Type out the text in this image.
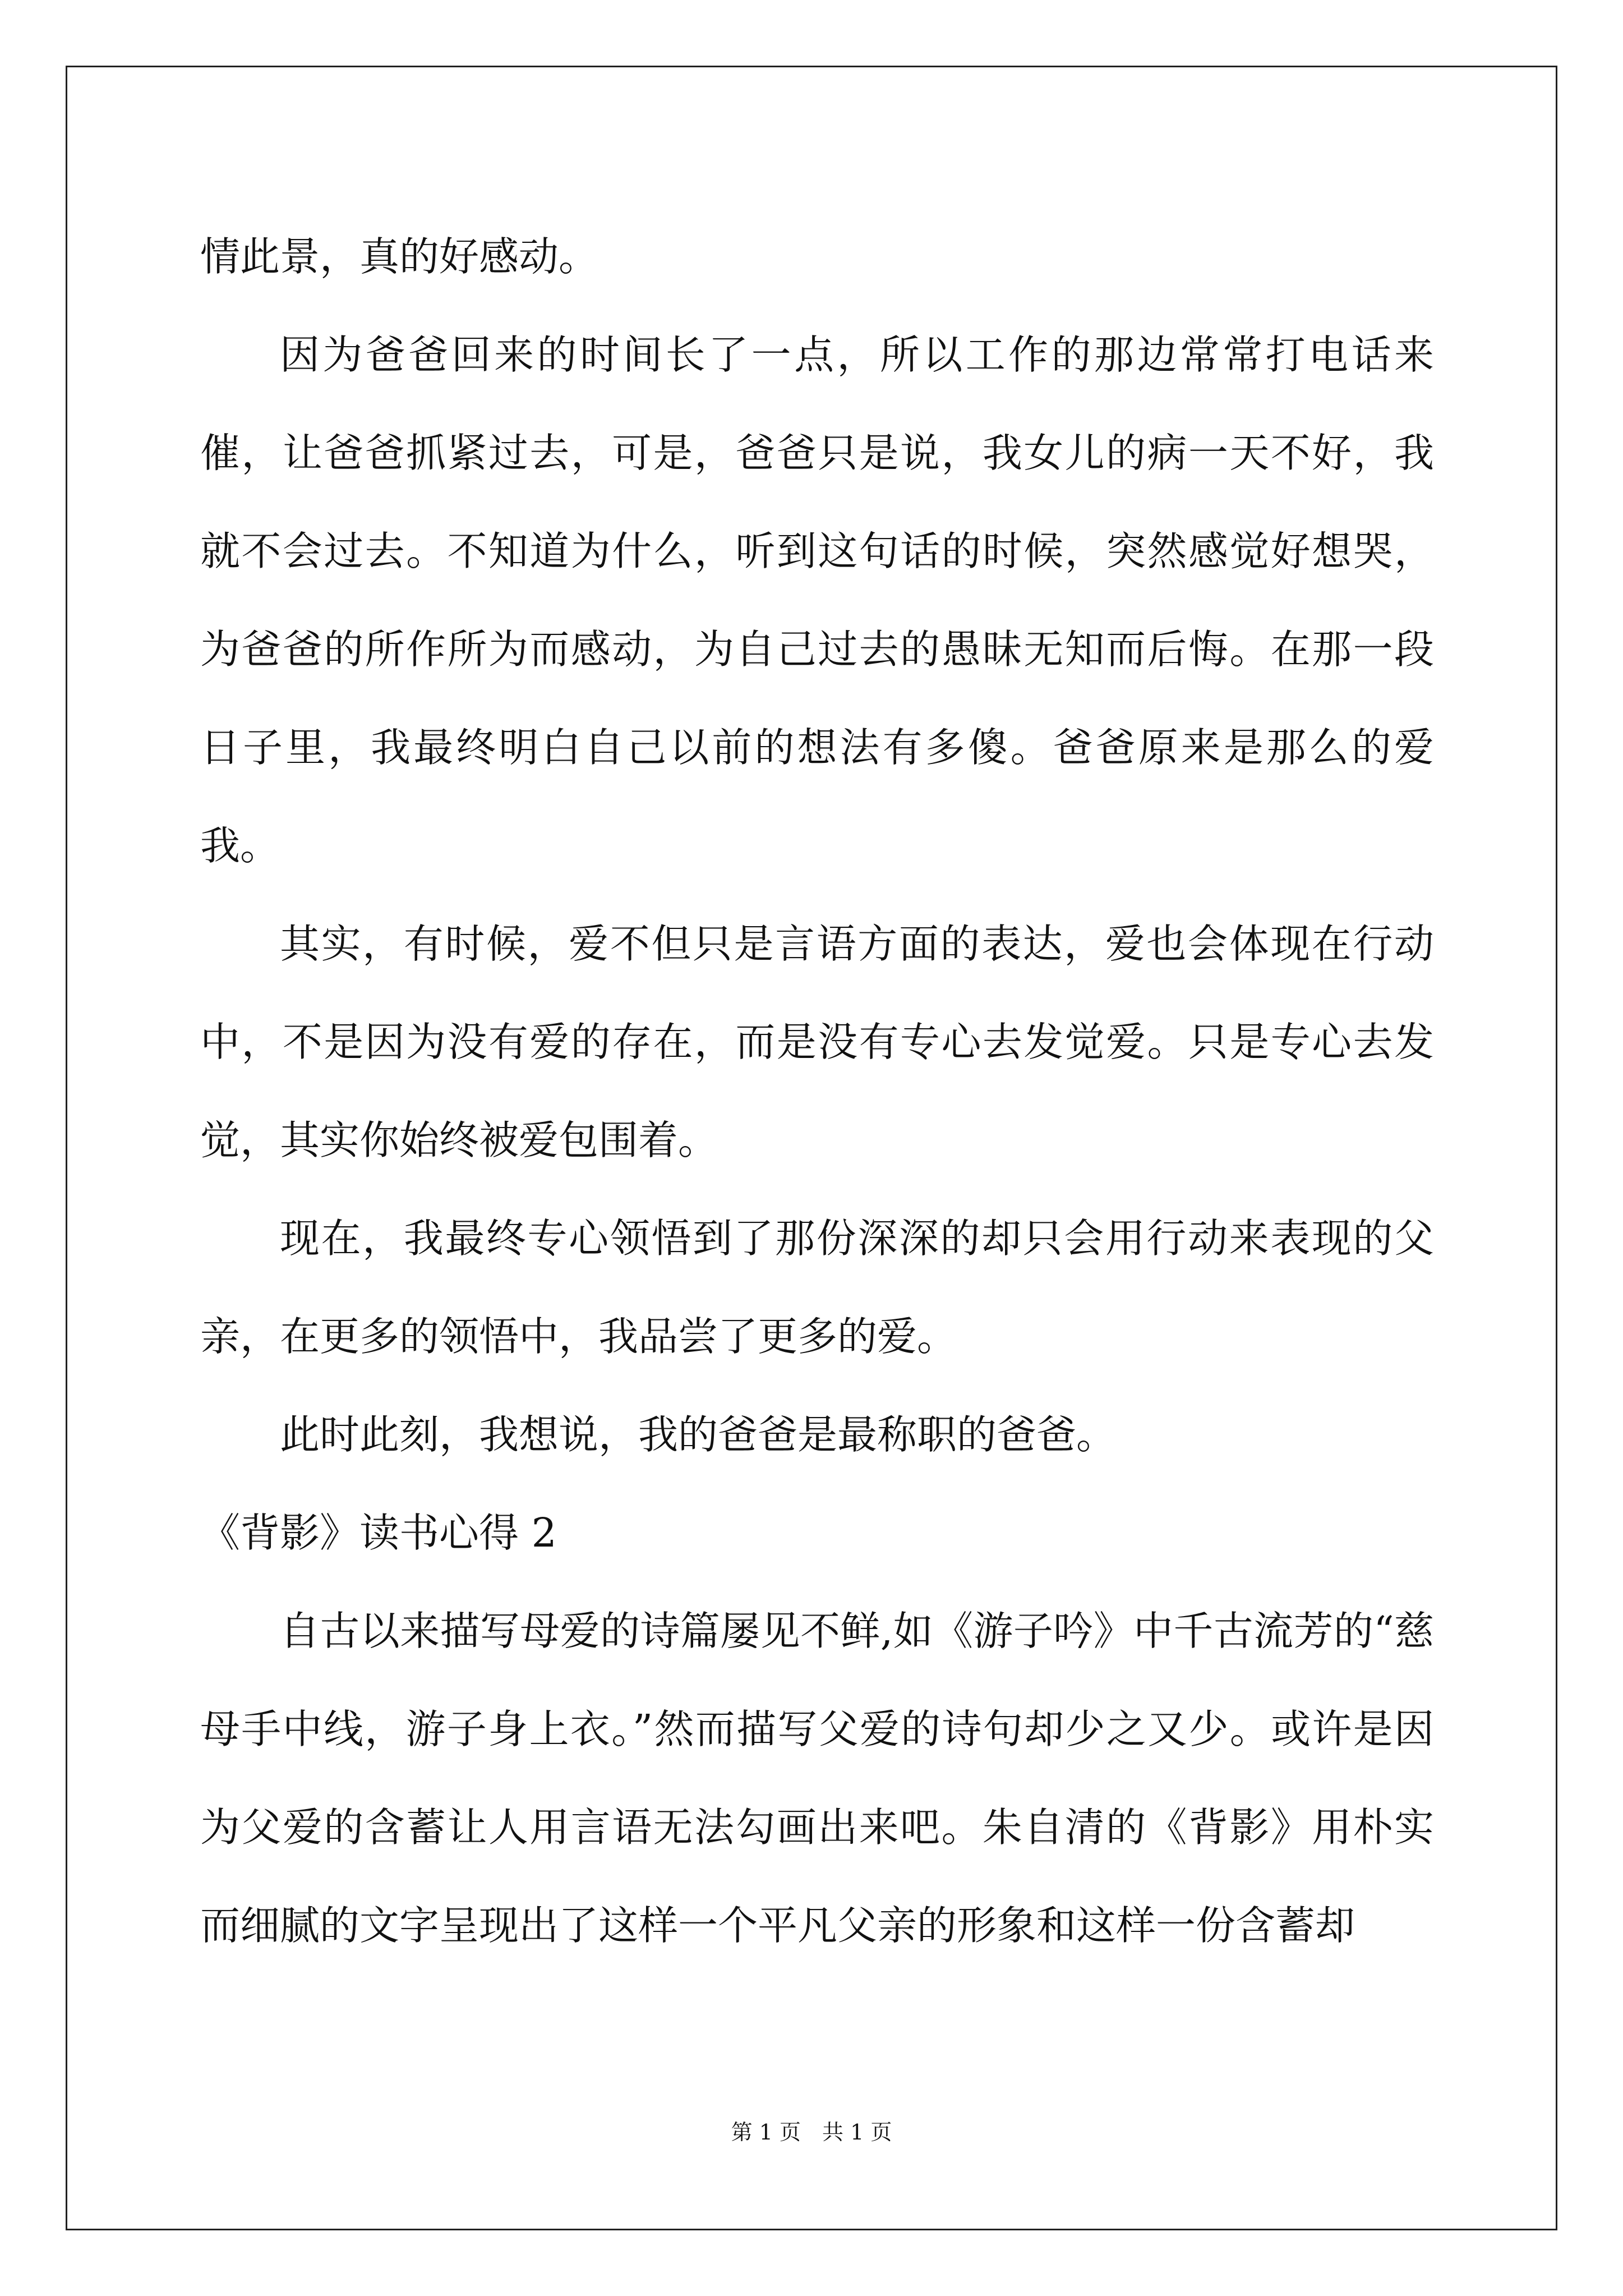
情此景，真的好感动。

因为爸爸回来的时间长了一点，所以工作的那边常常打电话来催，让爸爸抓紧过去，可是，爸爸只是说，我女儿的病一天不好，我就不会过去。不知道为什么，听到这句话的时候，突然感觉好想哭，为爸爸的所作所为而感动，为自己过去的愚昧无知而后悔。在那一段日子里，我最终明白自己以前的想法有多傻。爸爸原来是那么的爱我。

其实，有时候，爱不但只是言语方面的表达，爱也会体现在行动中，不是因为没有爱的存在，而是没有专心去发觉爱。只是专心去发觉，其实你始终被爱包围着。

现在，我最终专心领悟到了那份深深的却只会用行动来表现的父亲，在更多的领悟中，我品尝了更多的爱。

此时此刻，我想说，我的爸爸是最称职的爸爸。

《背影》读书心得 2

自古以来描写母爱的诗篇屡见不鲜,如《游子吟》中千古流芳的“慈母手中线，游子身上衣。”然而描写父爱的诗句却少之又少。或许是因为父爱的含蓄让人用言语无法勾画出来吧。朱自清的《背影》用朴实而细腻的文字呈现出了这样一个平凡父亲的形象和这样一份含蓄却

第 1 页　共 1 页
